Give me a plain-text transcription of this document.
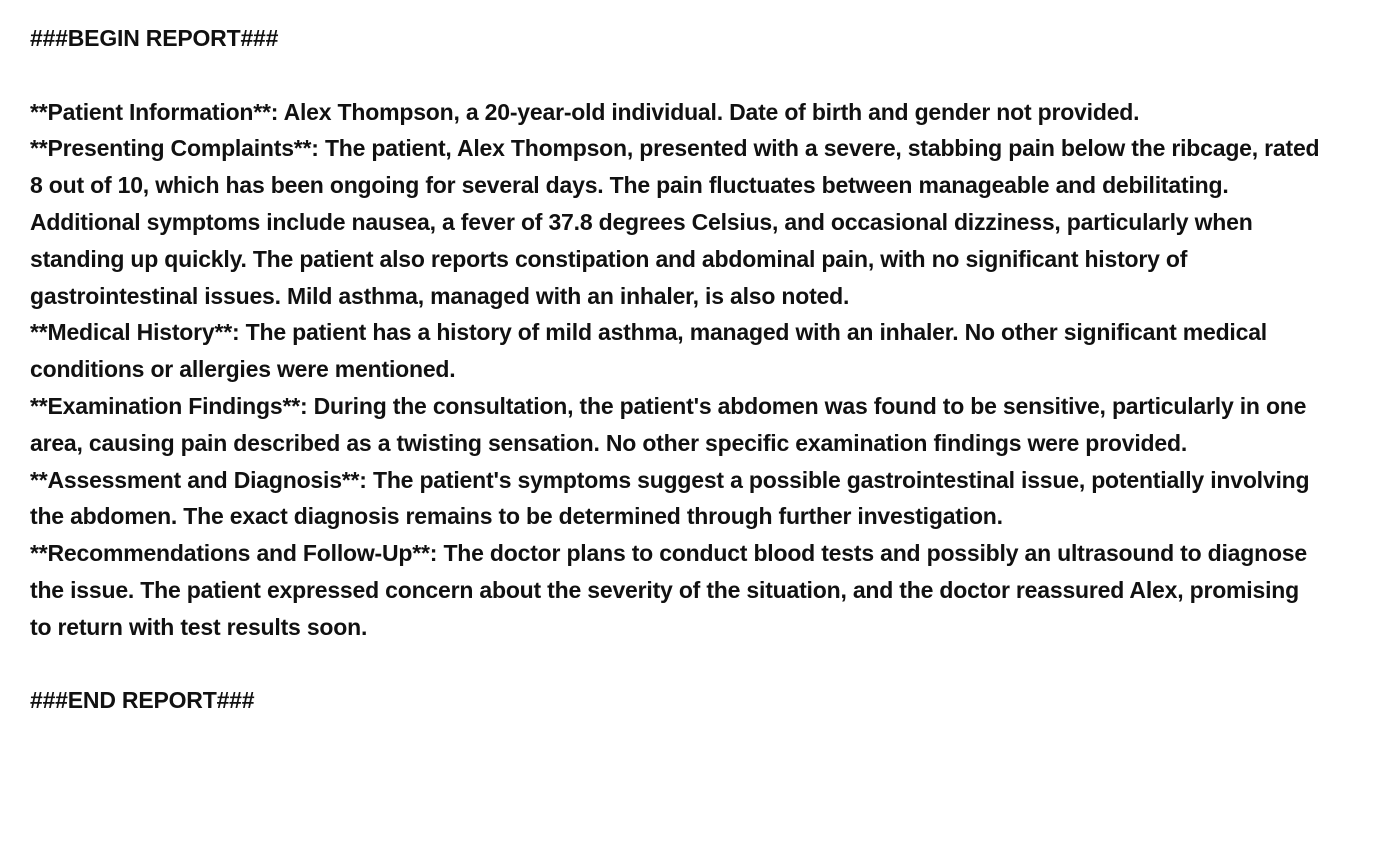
###BEGIN REPORT###
**Patient Information**: Alex Thompson, a 20-year-old individual. Date of birth and gender not provided.
**Presenting Complaints**: The patient, Alex Thompson, presented with a severe, stabbing pain below the ribcage, rated 8 out of 10, which has been ongoing for several days. The pain fluctuates between manageable and debilitating. Additional symptoms include nausea, a fever of 37.8 degrees Celsius, and occasional dizziness, particularly when standing up quickly. The patient also reports constipation and abdominal pain, with no significant history of gastrointestinal issues. Mild asthma, managed with an inhaler, is also noted.
**Medical History**: The patient has a history of mild asthma, managed with an inhaler. No other significant medical conditions or allergies were mentioned.
**Examination Findings**: During the consultation, the patient's abdomen was found to be sensitive, particularly in one area, causing pain described as a twisting sensation. No other specific examination findings were provided.
**Assessment and Diagnosis**: The patient's symptoms suggest a possible gastrointestinal issue, potentially involving the abdomen. The exact diagnosis remains to be determined through further investigation.
**Recommendations and Follow-Up**: The doctor plans to conduct blood tests and possibly an ultrasound to diagnose the issue. The patient expressed concern about the severity of the situation, and the doctor reassured Alex, promising to return with test results soon.
###END REPORT###
